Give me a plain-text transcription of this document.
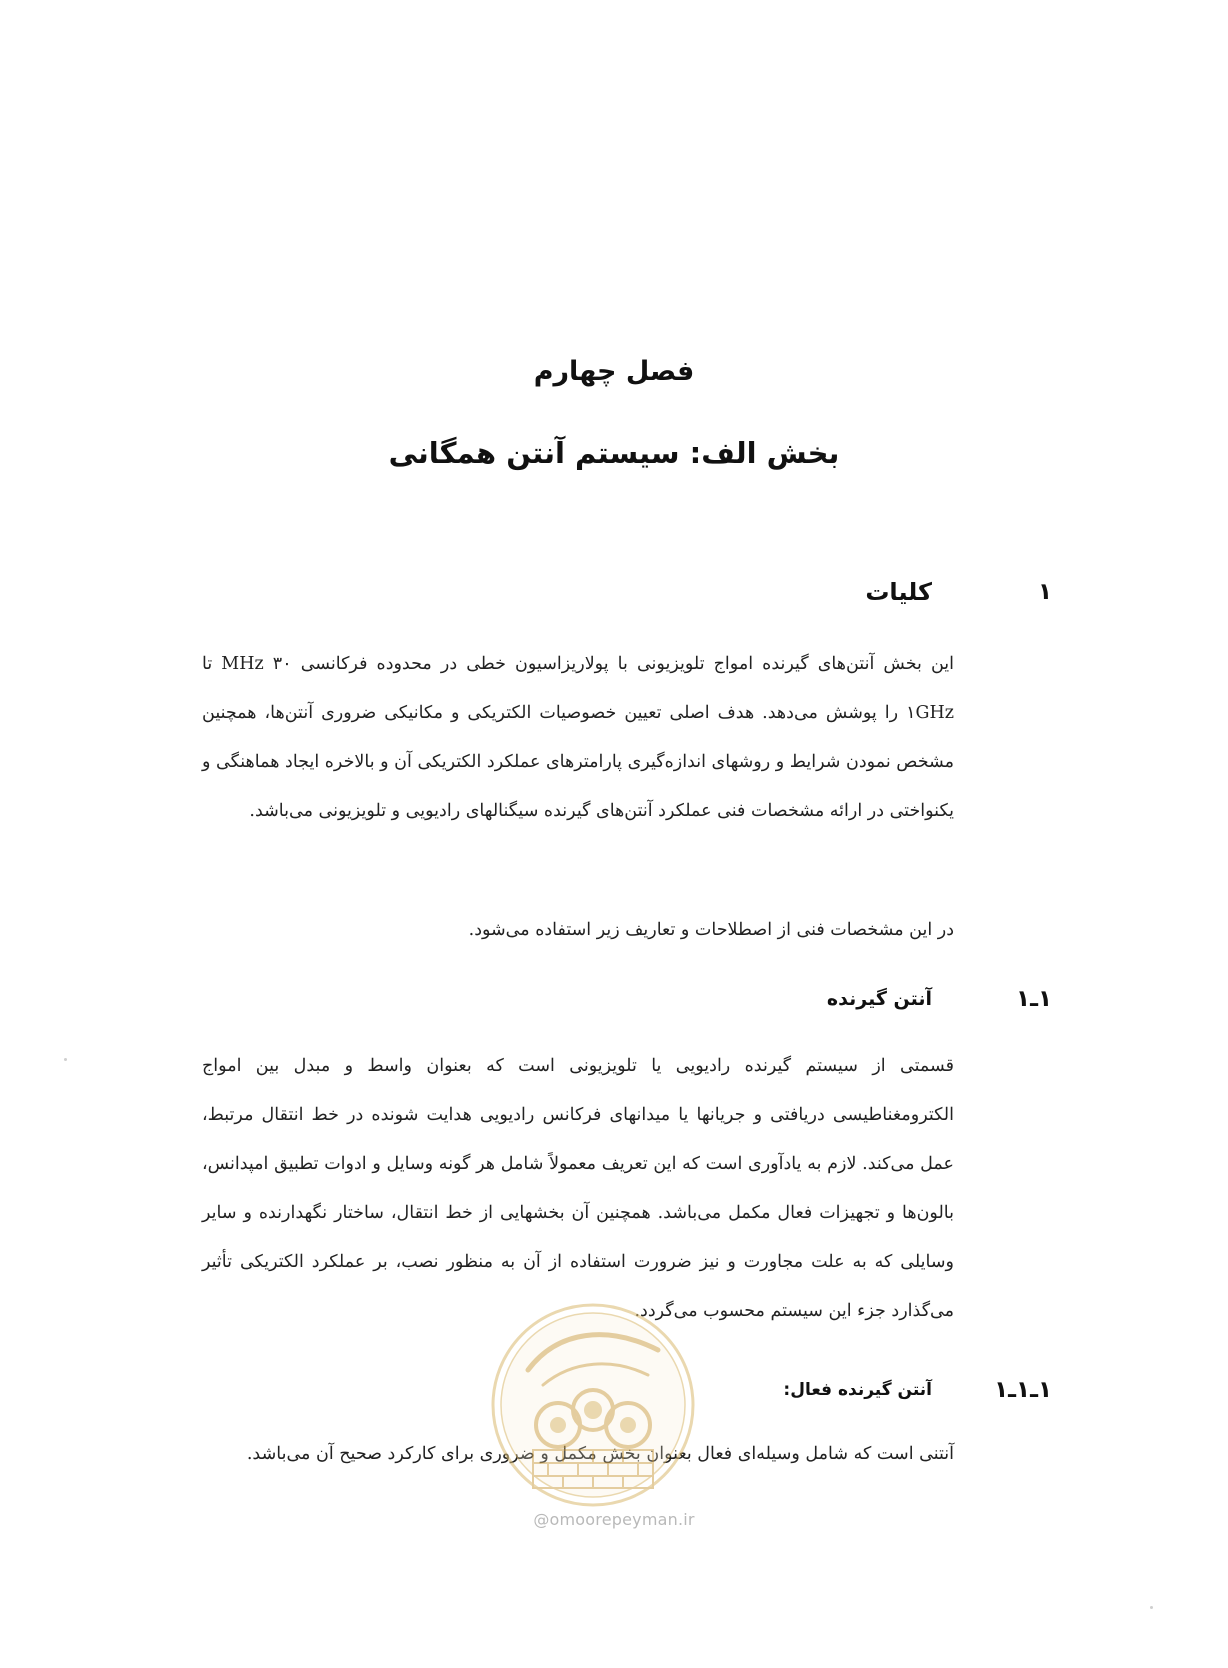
فصل چهارم
بخش الف: سیستم آنتن همگانی
۱
کلیات

این بخش آنتن‌های گیرنده امواج تلویزیونی با پولاریزاسیون خطی در محدوده فرکانسی ۳۰ MHz تا ۱GHz را پوشش می‌دهد. هدف اصلی تعیین خصوصیات الکتریکی و مکانیکی ضروری آنتن‌ها، همچنین مشخص نمودن شرایط و روشهای اندازه‌گیری پارامترهای عملکرد الکتریکی آن و بالاخره ایجاد هماهنگی و یکنواختی در ارائه مشخصات فنی عملکرد آنتن‌های گیرنده سیگنالهای رادیویی و تلویزیونی می‌باشد.

در این مشخصات فنی از اصطلاحات و تعاریف زیر استفاده می‌شود.

۱ـ۱
آنتن گیرنده

قسمتی از سیستم گیرنده رادیویی یا تلویزیونی است که بعنوان واسط و مبدل بین امواج الکترومغناطیسی دریافتی و جریانها یا میدانهای فرکانس رادیویی هدایت شونده در خط انتقال مرتبط، عمل می‌کند. لازم به یادآوری است که این تعریف معمولاً شامل هر گونه وسایل و ادوات تطبیق امپدانس، بالون‌ها و تجهیزات فعال مکمل می‌باشد. همچنین آن بخشهایی از خط انتقال، ساختار نگهدارنده و سایر وسایلی که به علت مجاورت و نیز ضرورت استفاده از آن به منظور نصب، بر عملکرد الکتریکی تأثیر می‌گذارد جزء این سیستم محسوب می‌گردد.

۱ـ۱ـ۱
آنتن گیرنده فعال:

آنتنی است که شامل وسیله‌ای فعال بعنوان بخش مکمل و ضروری برای کارکرد صحیح آن می‌باشد.

@omoorepeyman.ir
